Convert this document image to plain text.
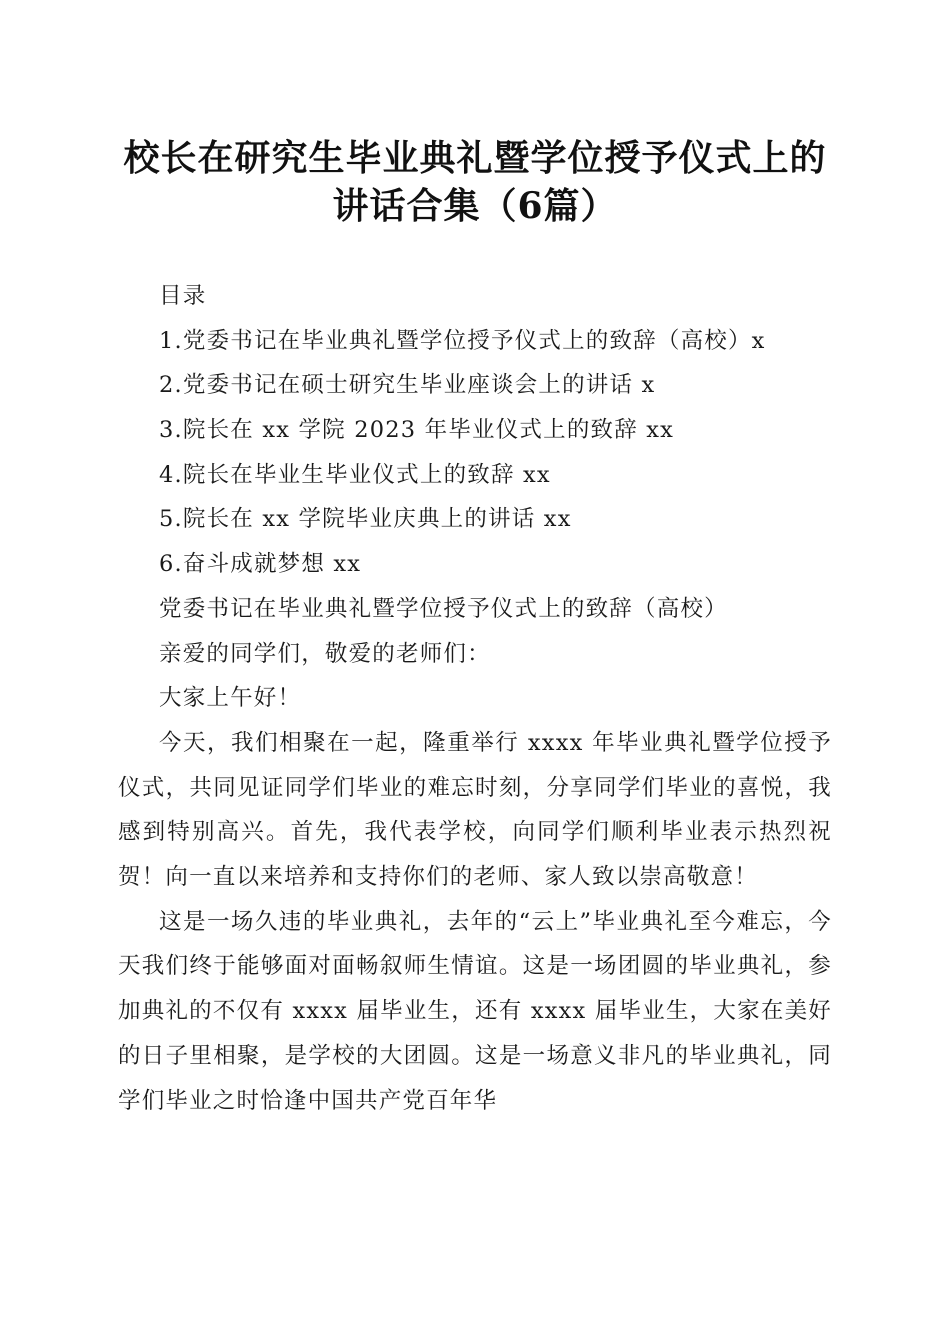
校长在研究生毕业典礼暨学位授予仪式上的讲话合集（6篇）
目录
1.党委书记在毕业典礼暨学位授予仪式上的致辞（高校）x
2.党委书记在硕士研究生毕业座谈会上的讲话 x
3.院长在 xx 学院 2023 年毕业仪式上的致辞 xx
4.院长在毕业生毕业仪式上的致辞 xx
5.院长在 xx 学院毕业庆典上的讲话 xx
6.奋斗成就梦想 xx
党委书记在毕业典礼暨学位授予仪式上的致辞（高校）
亲爱的同学们，敬爱的老师们：
大家上午好！

今天，我们相聚在一起，隆重举行 xxxx 年毕业典礼暨学位授予仪式，共同见证同学们毕业的难忘时刻，分享同学们毕业的喜悦，我感到特别高兴。首先，我代表学校，向同学们顺利毕业表示热烈祝贺！向一直以来培养和支持你们的老师、家人致以崇高敬意！

这是一场久违的毕业典礼，去年的“云上”毕业典礼至今难忘，今天我们终于能够面对面畅叙师生情谊。这是一场团圆的毕业典礼，参加典礼的不仅有 xxxx 届毕业生，还有 xxxx 届毕业生，大家在美好的日子里相聚，是学校的大团圆。这是一场意义非凡的毕业典礼，同学们毕业之时恰逢中国共产党百年华
